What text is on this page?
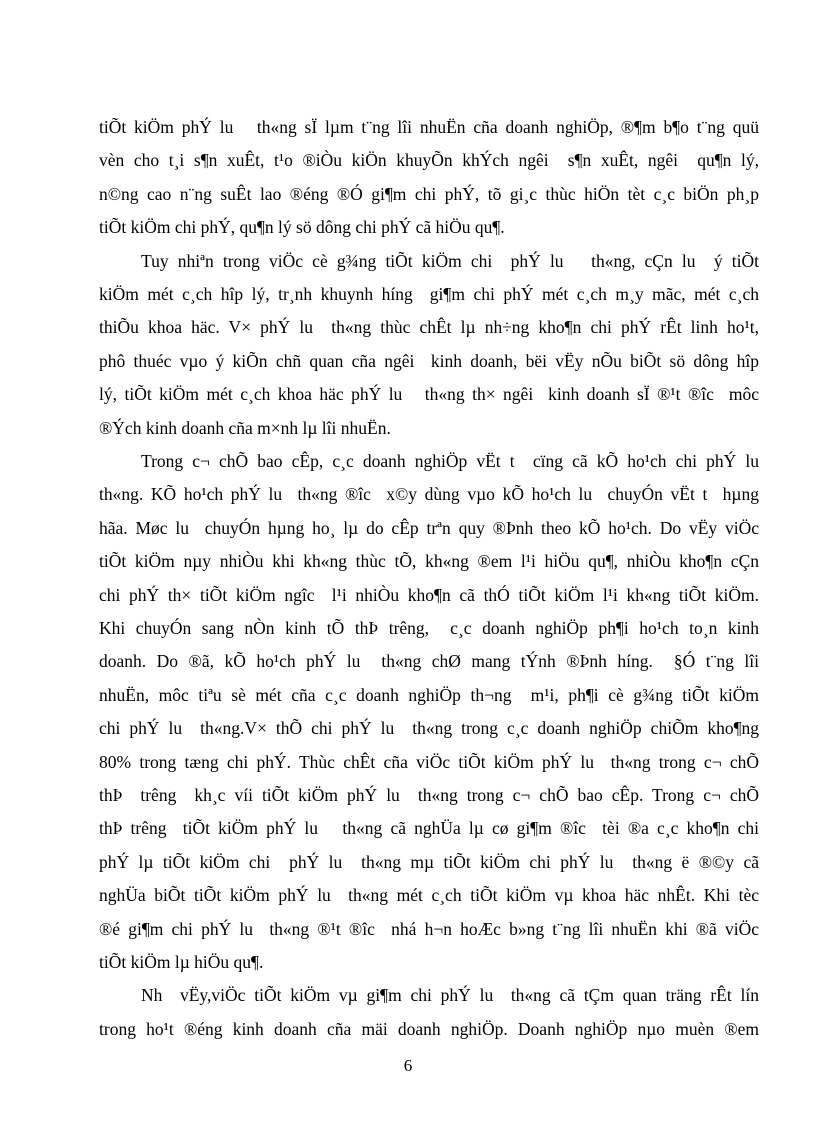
tiÕt kiÖm phÝ lu   th«ng sÏ lµm t¨ng lîi nhuËn cña doanh nghiÖp, ®¶m b¶o t¨ng quü
vèn cho t¸i s¶n xuÊt, t¹o ®iÒu kiÖn khuyÕn khÝch ngêi  s¶n xuÊt, ngêi  qu¶n lý,
n©ng cao n¨ng suÊt lao ®éng ®Ó gi¶m chi phÝ, tõ gi¸c thùc hiÖn tèt c¸c biÖn ph¸p
tiÕt kiÖm chi phÝ, qu¶n lý sö dông chi phÝ cã hiÖu qu¶.
Tuy nhiªn trong viÖc cè g¾ng tiÕt kiÖm chi  phÝ lu   th«ng, cÇn lu  ý tiÕt
kiÖm mét c¸ch hîp lý, tr¸nh khuynh híng  gi¶m chi phÝ mét c¸ch m¸y mãc, mét c¸ch
thiÕu khoa häc. V× phÝ lu  th«ng thùc chÊt lµ nh÷ng kho¶n chi phÝ rÊt linh ho¹t,
phô thuéc vµo ý kiÕn chñ quan cña ngêi  kinh doanh, bëi vËy nÕu biÕt sö dông hîp
lý, tiÕt kiÖm mét c¸ch khoa häc phÝ lu   th«ng th× ngêi  kinh doanh sÏ ®¹t ®îc  môc
®Ých kinh doanh cña m×nh lµ lîi nhuËn.
Trong c¬ chÕ bao cÊp, c¸c doanh nghiÖp vËt t  cïng cã kÕ ho¹ch chi phÝ lu
th«ng. KÕ ho¹ch phÝ lu  th«ng ®îc  x©y dùng vµo kÕ ho¹ch lu  chuyÓn vËt t  hµng
hãa. Møc lu  chuyÓn hµng ho¸ lµ do cÊp trªn quy ®Þnh theo kÕ ho¹ch. Do vËy viÖc
tiÕt kiÖm nµy nhiÒu khi kh«ng thùc tÕ, kh«ng ®em l¹i hiÖu qu¶, nhiÒu kho¶n cÇn
chi phÝ th× tiÕt kiÖm ngîc  l¹i nhiÒu kho¶n cã thÓ tiÕt kiÖm l¹i kh«ng tiÕt kiÖm.
Khi chuyÓn sang nÒn kinh tÕ thÞ trêng,  c¸c doanh nghiÖp ph¶i ho¹ch to¸n kinh
doanh. Do ®ã, kÕ ho¹ch phÝ lu  th«ng chØ mang tÝnh ®Þnh híng.  §Ó t¨ng lîi
nhuËn, môc tiªu sè mét cña c¸c doanh nghiÖp th¬ng  m¹i, ph¶i cè g¾ng tiÕt kiÖm
chi phÝ lu  th«ng.V× thÕ chi phÝ lu  th«ng trong c¸c doanh nghiÖp chiÕm kho¶ng
80% trong tæng chi phÝ. Thùc chÊt cña viÖc tiÕt kiÖm phÝ lu  th«ng trong c¬ chÕ
thÞ  trêng  kh¸c víi tiÕt kiÖm phÝ lu  th«ng trong c¬ chÕ bao cÊp. Trong c¬ chÕ
thÞ trêng  tiÕt kiÖm phÝ lu   th«ng cã nghÜa lµ cø gi¶m ®îc  tèi ®a c¸c kho¶n chi
phÝ lµ tiÕt kiÖm chi  phÝ lu  th«ng mµ tiÕt kiÖm chi phÝ lu  th«ng ë ®©y cã
nghÜa biÕt tiÕt kiÖm phÝ lu  th«ng mét c¸ch tiÕt kiÖm vµ khoa häc nhÊt. Khi tèc
®é gi¶m chi phÝ lu  th«ng ®¹t ®îc  nhá h¬n hoÆc b»ng t¨ng lîi nhuËn khi ®ã viÖc
tiÕt kiÖm lµ hiÖu qu¶.
Nh  vËy,viÖc tiÕt kiÖm vµ gi¶m chi phÝ lu  th«ng cã tÇm quan träng rÊt lín
trong ho¹t ®éng kinh doanh cña mäi doanh nghiÖp. Doanh nghiÖp nµo muèn ®em
6
